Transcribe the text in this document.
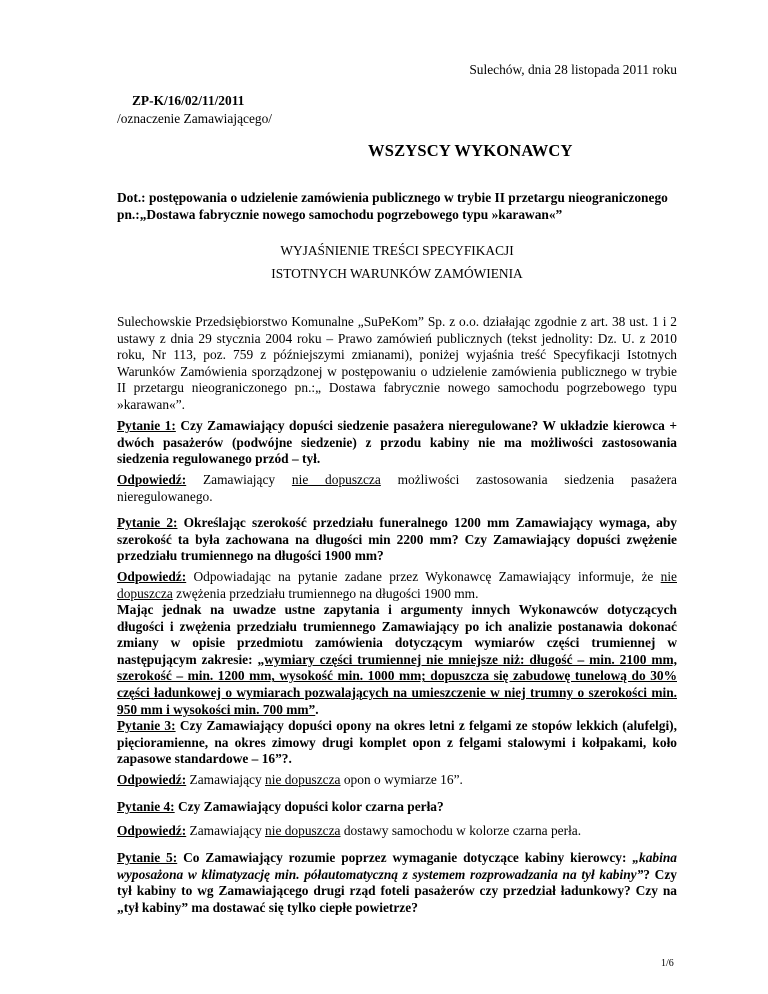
Sulechów, dnia 28 listopada 2011 roku
ZP-K/16/02/11/2011
/oznaczenie Zamawiającego/
WSZYSCY WYKONAWCY
Dot.: postępowania o udzielenie zamówienia publicznego w trybie II przetargu nieograniczonego
pn.:„Dostawa fabrycznie nowego samochodu pogrzebowego typu »karawan«”
WYJAŚNIENIE TREŚCI SPECYFIKACJI
ISTOTNYCH WARUNKÓW ZAMÓWIENIA
Sulechowskie Przedsiębiorstwo Komunalne „SuPeKom” Sp. z o.o. działając zgodnie z art. 38 ust. 1 i 2
ustawy z dnia 29 stycznia 2004 roku – Prawo zamówień publicznych (tekst jednolity: Dz. U. z 2010
roku, Nr 113, poz. 759 z późniejszymi zmianami), poniżej wyjaśnia treść Specyfikacji Istotnych
Warunków Zamówienia sporządzonej w postępowaniu o udzielenie zamówienia publicznego w trybie
II przetargu nieograniczonego pn.:„ Dostawa fabrycznie nowego samochodu pogrzebowego typu
»karawan«”.
Pytanie 1: Czy Zamawiający dopuści siedzenie pasażera nieregulowane? W układzie kierowca +
dwóch pasażerów (podwójne siedzenie) z przodu kabiny nie ma możliwości zastosowania
siedzenia regulowanego przód – tył.
Odpowiedź: Zamawiający nie dopuszcza możliwości zastosowania siedzenia pasażera
nieregulowanego.
Pytanie 2: Określając szerokość przedziału funeralnego 1200 mm Zamawiający wymaga, aby
szerokość ta była zachowana na długości min 2200 mm? Czy Zamawiający dopuści zwężenie
przedziału trumiennego na długości 1900 mm?
Odpowiedź: Odpowiadając na pytanie zadane przez Wykonawcę Zamawiający informuje, że nie
dopuszcza zwężenia przedziału trumiennego na długości 1900 mm.
Mając jednak na uwadze ustne zapytania i argumenty innych Wykonawców dotyczących
długości i zwężenia przedziału trumiennego Zamawiający po ich analizie postanawia dokonać
zmiany w opisie przedmiotu zamówienia dotyczącym wymiarów części trumiennej w
następującym zakresie: „wymiary części trumiennej nie mniejsze niż: długość – min. 2100 mm,
szerokość – min. 1200 mm, wysokość min. 1000 mm; dopuszcza się zabudowę tunelową do 30%
części ładunkowej o wymiarach pozwalających na umieszczenie w niej trumny o szerokości min.
950 mm i wysokości min. 700 mm”.
Pytanie 3: Czy Zamawiający dopuści opony na okres letni z felgami ze stopów lekkich (alufelgi),
pięcioramienne, na okres zimowy drugi komplet opon z felgami stalowymi i kołpakami, koło
zapasowe standardowe – 16”?.
Odpowiedź: Zamawiający nie dopuszcza opon o wymiarze 16”.
Pytanie 4: Czy Zamawiający dopuści kolor czarna perła?
Odpowiedź: Zamawiający nie dopuszcza dostawy samochodu w kolorze czarna perła.
Pytanie 5: Co Zamawiający rozumie poprzez wymaganie dotyczące kabiny kierowcy: „kabina
wyposażona w klimatyzację min. półautomatyczną z systemem rozprowadzania na tył kabiny”? Czy
tył kabiny to wg Zamawiającego drugi rząd foteli pasażerów czy przedział ładunkowy? Czy na
„tył kabiny” ma dostawać się tylko ciepłe powietrze?
1/6
